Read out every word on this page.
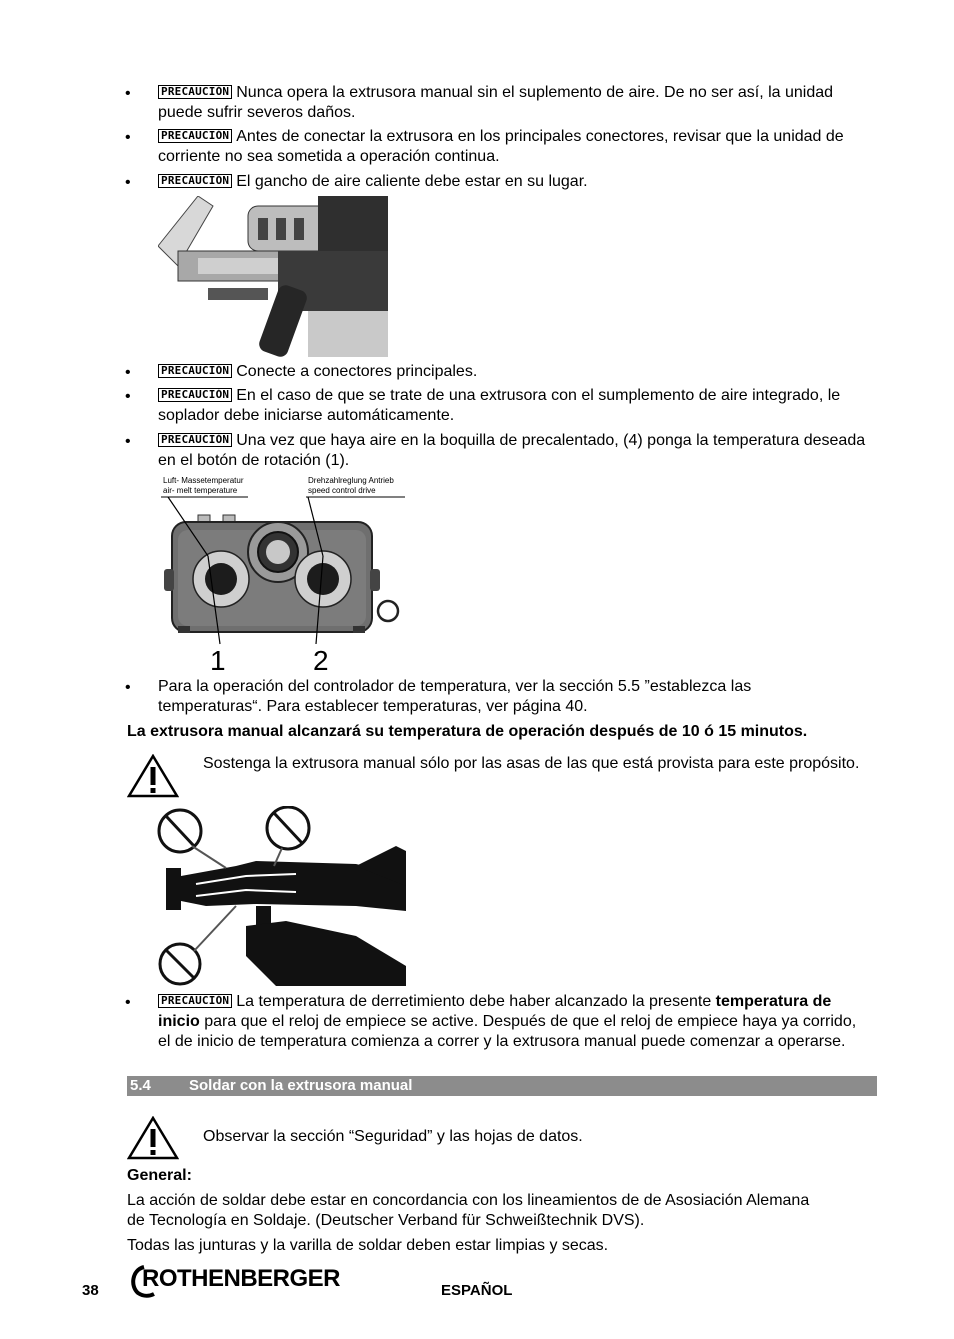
•	PRECAUCIÓN Nunca opera la extrusora manual sin el suplemento de aire. De no ser así, la unidad puede sufrir severos daños.
•	PRECAUCIÓN Antes de conectar la extrusora en los principales conectores, revisar que la unidad de corriente no sea sometida a operación continua.
•	PRECAUCIÓN El gancho de aire caliente debe estar en su lugar.
•	PRECAUCIÓN Conecte a conectores principales.
•	PRECAUCIÓN En el caso de que se trate de una extrusora con el sumplemento de aire integrado, le soplador debe iniciarse automáticamente.
•	PRECAUCIÓN Una vez que haya aire en la boquilla de precalentado, (4) ponga la temperatura deseada en el botón de rotación (1).
Luft- Massetemperatur
air- melt temperature
Drehzahlreglung Antrieb
speed control drive
1	2
• Para la operación del controlador de temperatura, ver la sección 5.5 ”establezca las temperaturas“. Para establecer temperaturas, ver página 40.
La extrusora manual alcanzará su temperatura de operación después de 10 ó 15 minutos.
Sostenga la extrusora manual sólo por las asas de las que está provista para este propósito.
•	PRECAUCIÓN La temperatura de derretimiento debe haber alcanzado la presente temperatura de inicio para que el reloj de empiece se active. Después de que el reloj de empiece haya ya corrido, el de inicio de temperatura comienza a correr y la extrusora manual puede comenzar a operarse.
5.4	Soldar con la extrusora manual
Observar la sección “Seguridad” y las hojas de datos.
General:
La acción de soldar debe estar en concordancia con los lineamientos de de Asosiación Alemana de Tecnología en Soldaje. (Deutscher Verband für Schweißtechnik DVS).
Todas las junturas y la varilla de soldar deben estar limpias y secas.
38 ROTHENBERGER	ESPAÑOL
